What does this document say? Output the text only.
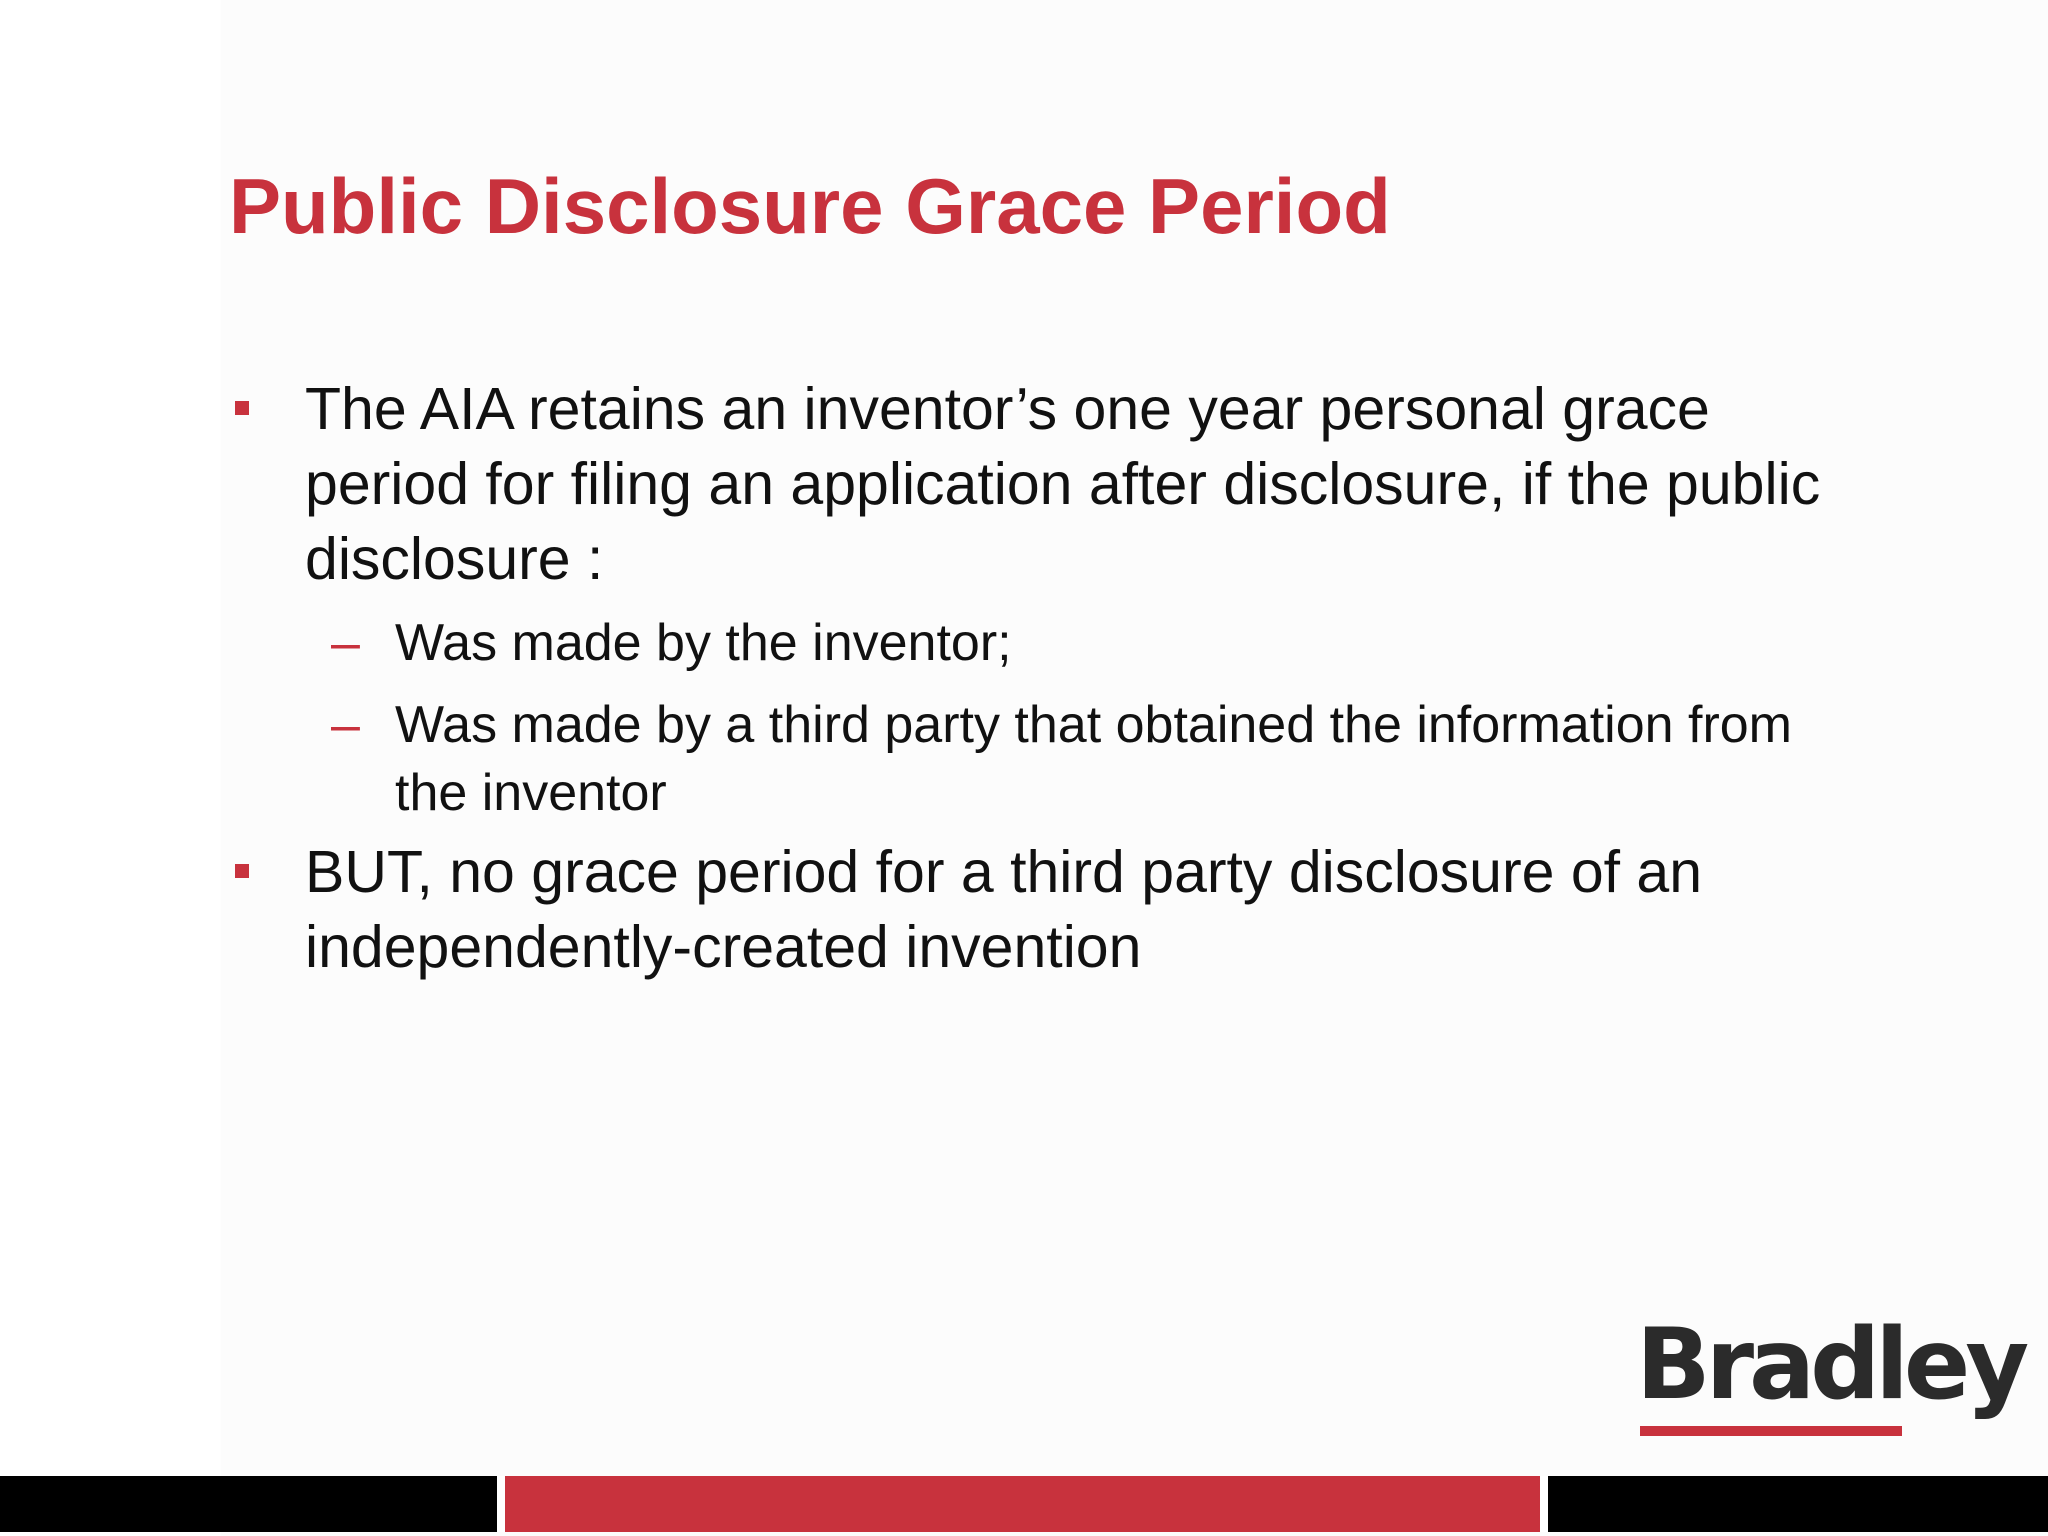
Public Disclosure Grace Period
The AIA retains an inventor’s one year personal grace period for filing an application after disclosure, if the public disclosure :
– Was made by the inventor;
– Was made by a third party that obtained the information from the inventor
BUT, no grace period for a third party disclosure of an independently-created invention
Bradley
